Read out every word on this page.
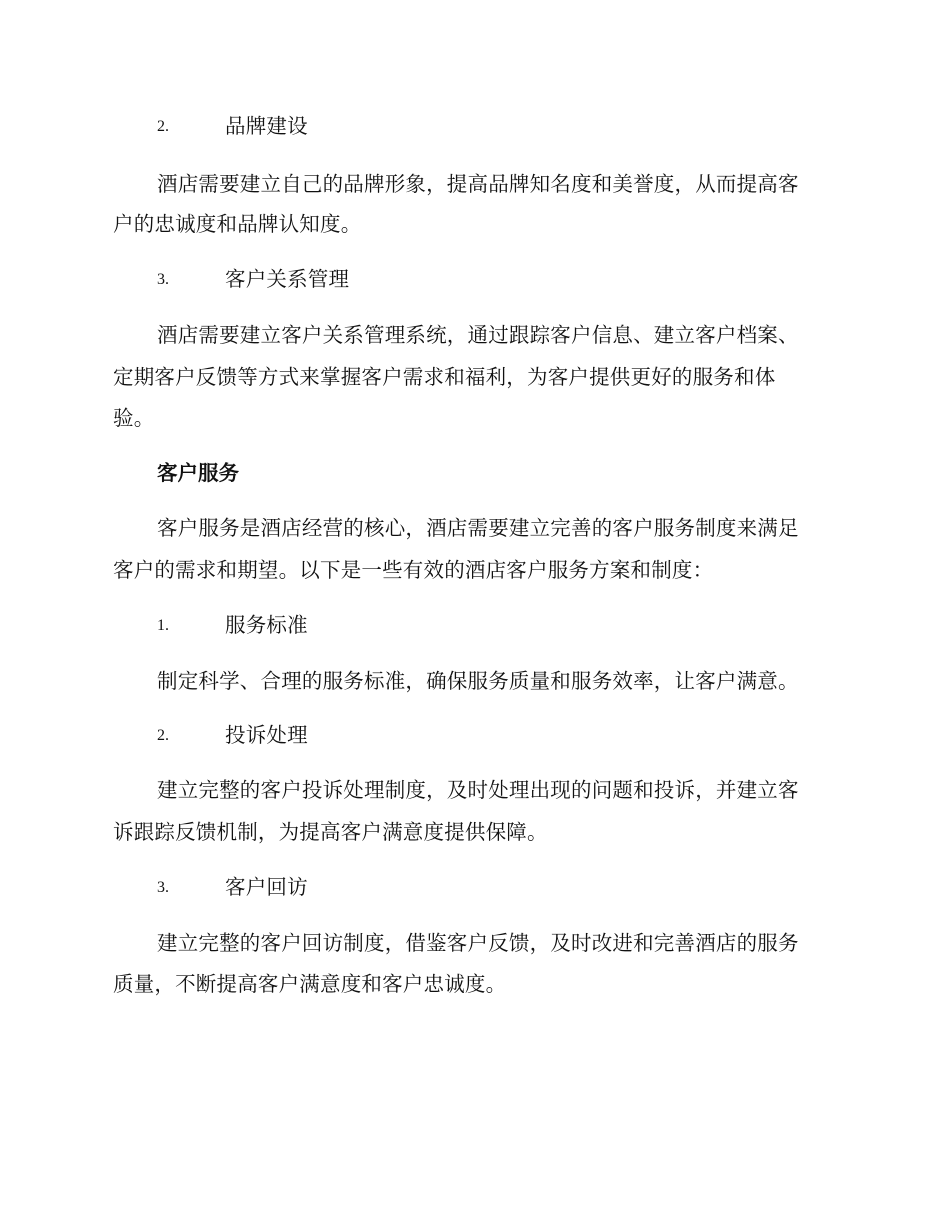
2.	品牌建设
酒店需要建立自己的品牌形象，提高品牌知名度和美誉度，从而提高客
户的忠诚度和品牌认知度。
3.	客户关系管理
酒店需要建立客户关系管理系统，通过跟踪客户信息、建立客户档案、
定期客户反馈等方式来掌握客户需求和福利，为客户提供更好的服务和体
验。
客户服务
客户服务是酒店经营的核心，酒店需要建立完善的客户服务制度来满足
客户的需求和期望。以下是一些有效的酒店客户服务方案和制度：
1.	服务标准
制定科学、合理的服务标准，确保服务质量和服务效率，让客户满意。
2.	投诉处理
建立完整的客户投诉处理制度，及时处理出现的问题和投诉，并建立客
诉跟踪反馈机制，为提高客户满意度提供保障。
3.	客户回访
建立完整的客户回访制度，借鉴客户反馈，及时改进和完善酒店的服务
质量，不断提高客户满意度和客户忠诚度。
